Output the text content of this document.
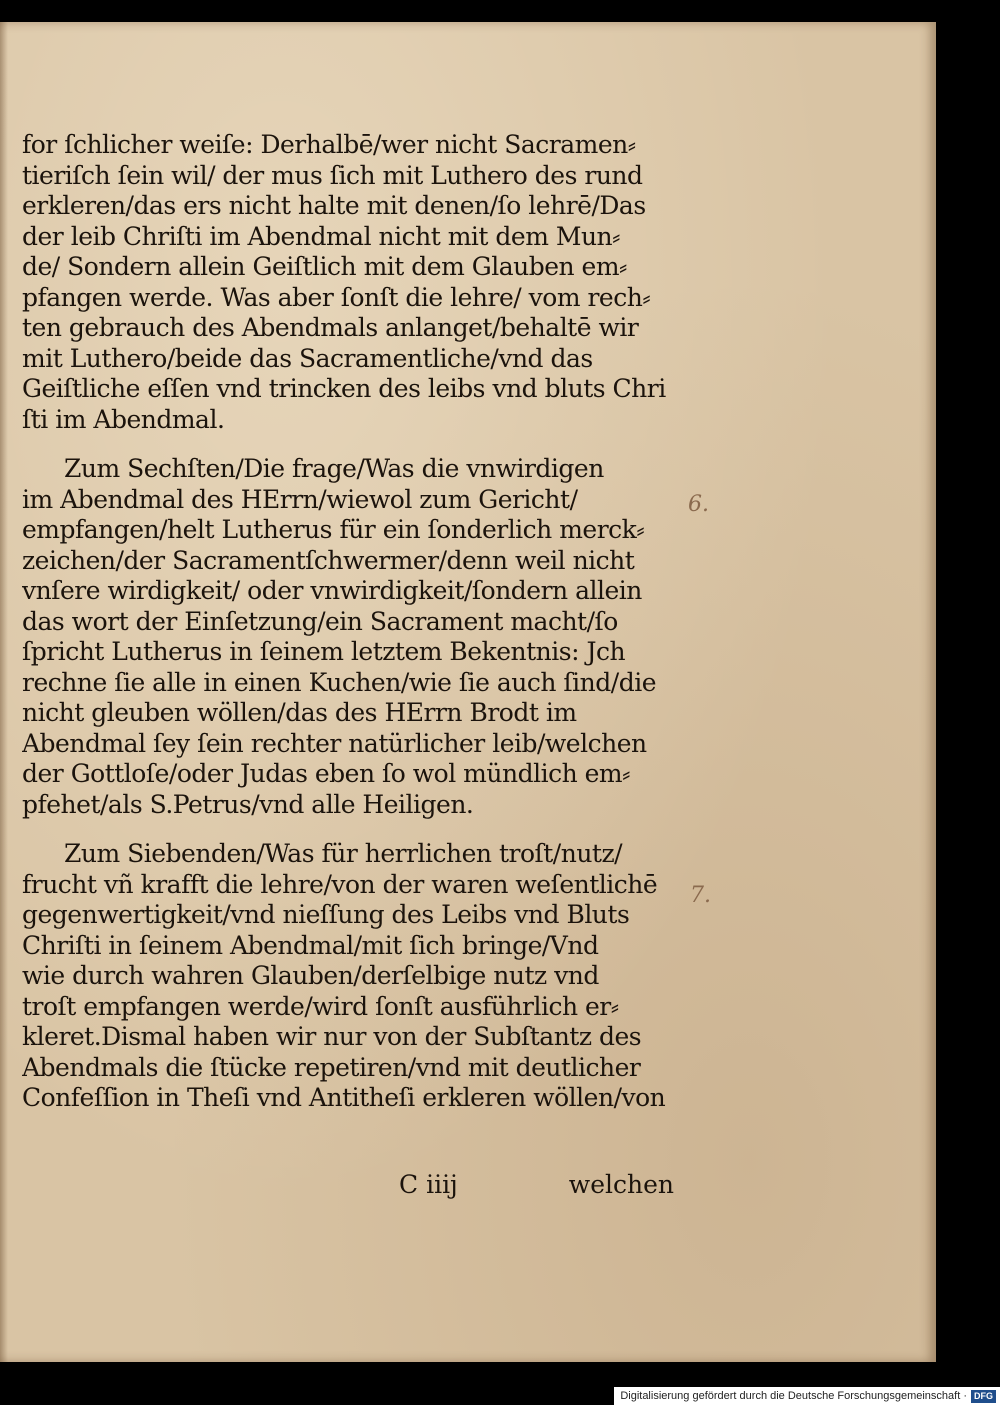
for ſchlicher weiſe: Derhalbē/wer nicht Sacramen⸗
tieriſch ſein wil/ der mus ſich mit Luthero des rund
erkleren/das ers nicht halte mit denen/ſo lehrē/Das
der leib Chriſti im Abendmal nicht mit dem Mun⸗
de/ Sondern allein Geiſtlich mit dem Glauben em⸗
pfangen werde. Was aber ſonſt die lehre/ vom rech⸗
ten gebrauch des Abendmals anlanget/behaltē wir
mit Luthero/beide das Sacramentliche/vnd das
Geiſtliche eſſen vnd trincken des leibs vnd bluts Chri
ſti im Abendmal.
Zum Sechſten/Die frage/Was die vnwirdigen
im Abendmal des HErrn/wiewol zum Gericht/
empfangen/helt Lutherus für ein ſonderlich merck⸗
zeichen/der Sacramentſchwermer/denn weil nicht
vnſere wirdigkeit/ oder vnwirdigkeit/ſondern allein
das wort der Einſetzung/ein Sacrament macht/ſo
ſpricht Lutherus in ſeinem letztem Bekentnis: Jch
rechne ſie alle in einen Kuchen/wie ſie auch ſind/die
nicht gleuben wöllen/das des HErrn Brodt im
Abendmal ſey ſein rechter natürlicher leib/welchen
der Gottloſe/oder Judas eben ſo wol mündlich em⸗
pfehet/als S.Petrus/vnd alle Heiligen.
Zum Siebenden/Was für herrlichen troſt/nutz/
frucht vñ krafft die lehre/von der waren weſentlichē
gegenwertigkeit/vnd nieſſung des Leibs vnd Bluts
Chriſti in ſeinem Abendmal/mit ſich bringe/Vnd
wie durch wahren Glauben/derſelbige nutz vnd
troſt empfangen werde/wird ſonſt ausführlich er⸗
kleret.Dismal haben wir nur von der Subſtantz des
Abendmals die ſtücke repetiren/vnd mit deutlicher
Confeſſion in Theſi vnd Antitheſi erkleren wöllen/von
6.
7.
C iiij	welchen
Digitalisierung gefördert durch die Deutsche Forschungsgemeinschaft · DFG
